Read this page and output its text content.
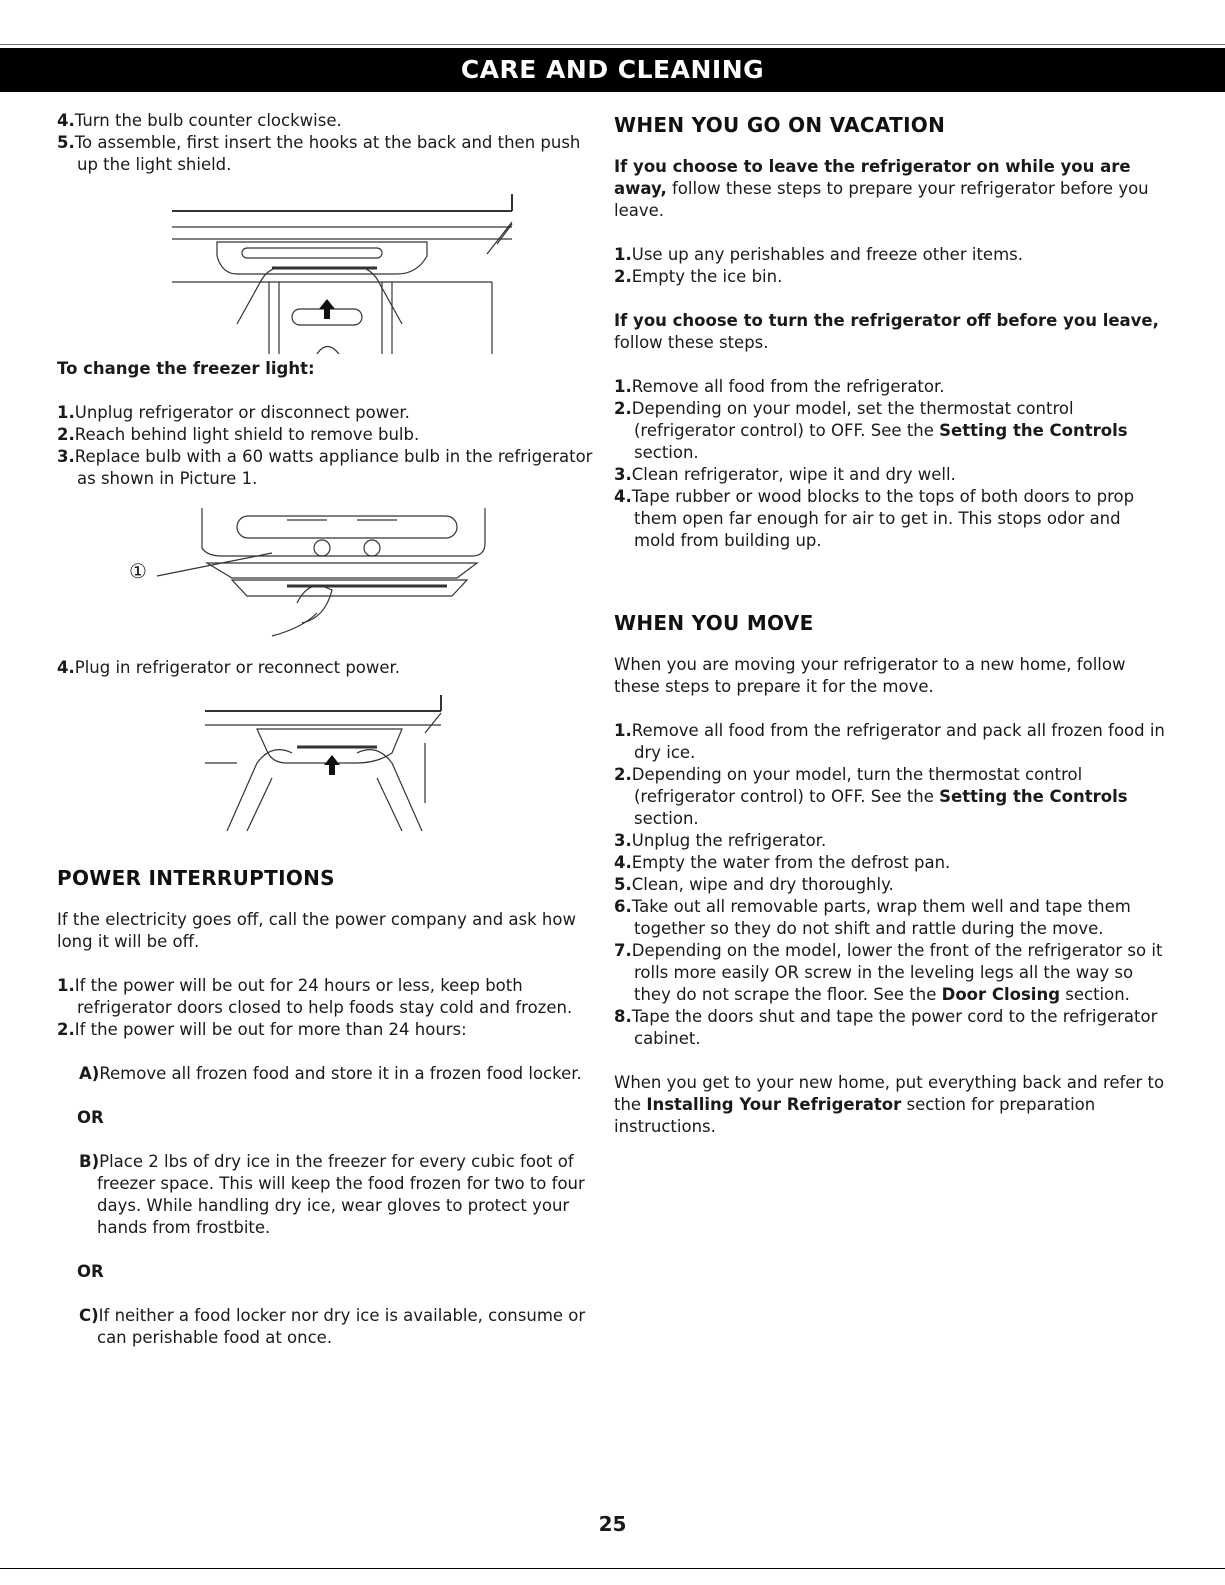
CARE AND CLEANING

4.Turn the bulb counter clockwise.

5.To assemble, first insert the hooks at the back and then push up the light shield.

To change the freezer light:

1.Unplug refrigerator or disconnect power.

2.Reach behind light shield to remove bulb.

3.Replace bulb with a 60 watts appliance bulb in the refrigerator as shown in Picture 1.

①

4.Plug in refrigerator or reconnect power.

POWER INTERRUPTIONS

If the electricity goes off, call the power company and ask how long it will be off.

1.If the power will be out for 24 hours or less, keep both refrigerator doors closed to help foods stay cold and frozen.

2.If the power will be out for more than 24 hours:

A)Remove all frozen food and store it in a frozen food locker.

OR

B)Place 2 lbs of dry ice in the freezer for every cubic foot of freezer space. This will keep the food frozen for two to four days. While handling dry ice, wear gloves to protect your hands from frostbite.

OR

C)If neither a food locker nor dry ice is available, consume or can perishable food at once.

WHEN YOU GO ON VACATION

If you choose to leave the refrigerator on while you are away, follow these steps to prepare your refrigerator before you leave.

1.Use up any perishables and freeze other items.

2.Empty the ice bin.

If you choose to turn the refrigerator off before you leave, follow these steps.

1.Remove all food from the refrigerator.

2.Depending on your model, set the thermostat control (refrigerator control) to OFF. See the Setting the Controls section.

3.Clean refrigerator, wipe it and dry well.

4.Tape rubber or wood blocks to the tops of both doors to prop them open far enough for air to get in. This stops odor and mold from building up.

WHEN YOU MOVE

When you are moving your refrigerator to a new home, follow these steps to prepare it for the move.

1.Remove all food from the refrigerator and pack all frozen food in dry ice.

2.Depending on your model, turn the thermostat control (refrigerator control) to OFF. See the Setting the Controls section.

3.Unplug the refrigerator.

4.Empty the water from the defrost pan.

5.Clean, wipe and dry thoroughly.

6.Take out all removable parts, wrap them well and tape them together so they do not shift and rattle during the move.

7.Depending on the model, lower the front of the refrigerator so it rolls more easily OR screw in the leveling legs all the way so they do not scrape the floor. See the Door Closing section.

8.Tape the doors shut and tape the power cord to the refrigerator cabinet.

When you get to your new home, put everything back and refer to the Installing Your Refrigerator section for preparation instructions.

25
